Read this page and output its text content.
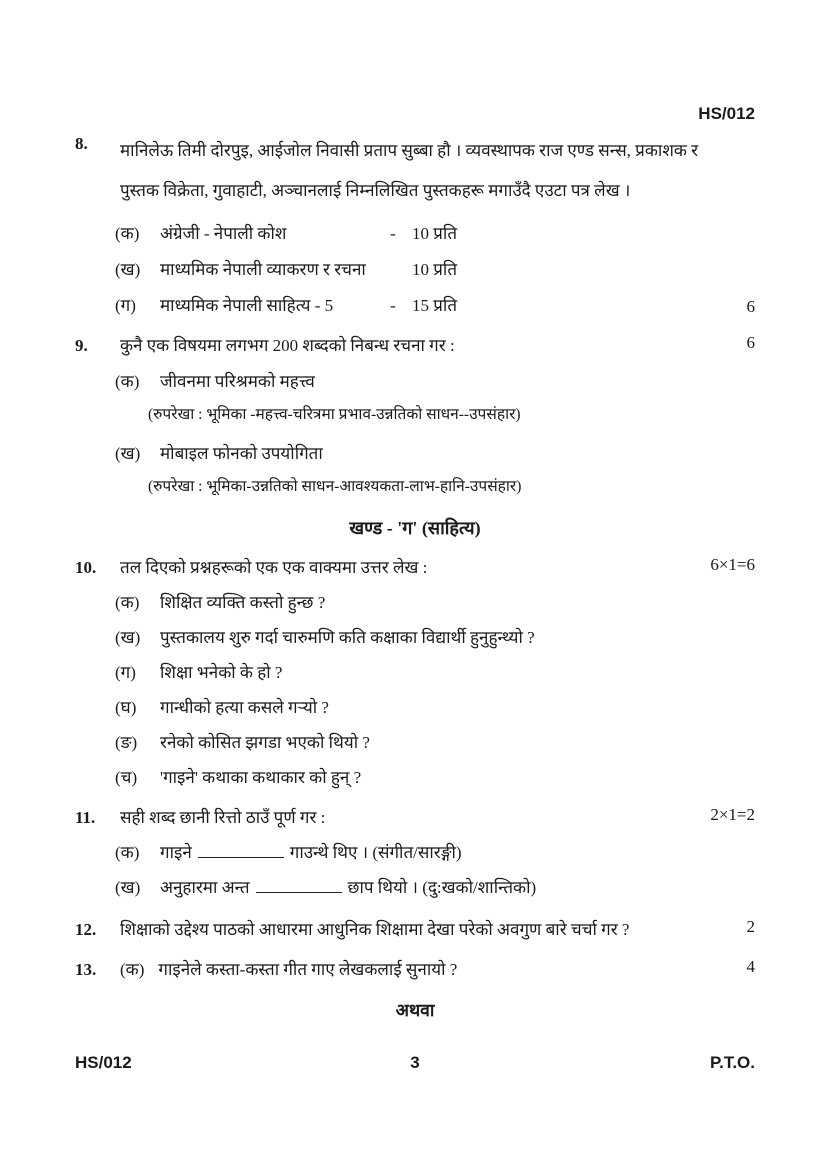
HS/012
8.	मानिलेऊ तिमी दोरपुइ, आईजोल निवासी प्रताप सुब्बा हौ । व्यवस्थापक राज एण्ड सन्स, प्रकाशक र पुस्तक विक्रेता, गुवाहाटी, अञ्चानलाई निम्नलिखित पुस्तकहरू मगाउँदै एउटा पत्र लेख ।
6
(क)	अंग्रेजी - नेपाली कोश	- 10 प्रति
(ख)	माध्यमिक नेपाली व्याकरण र रचना	10 प्रति
(ग)	माध्यमिक नेपाली साहित्य - 5	- 15 प्रति
9.	कुनै एक विषयमा लगभग 200 शब्दको निबन्ध रचना गर :	6
(क)	जीवनमा परिश्रमको महत्त्व
(रुपरेखा : भूमिका -महत्त्व-चरित्रमा प्रभाव-उन्नतिको साधन--उपसंहार)
(ख)	मोबाइल फोनको उपयोगिता
(रुपरेखा : भूमिका-उन्नतिको साधन-आवश्यकता-लाभ-हानि-उपसंहार)
खण्ड - 'ग' (साहित्य)
10.	तल दिएको प्रश्नहरूको एक एक वाक्यमा उत्तर लेख :	6×1=6
(क)	शिक्षित व्यक्ति कस्तो हुन्छ ?
(ख)	पुस्तकालय शुरु गर्दा चारुमणि कति कक्षाका विद्यार्थी हुनुहुन्थ्यो ?
(ग)	शिक्षा भनेको के हो ?
(घ)	गान्धीको हत्या कसले गर्‍यो ?
(ङ)	रनेको कोसित झगडा भएको थियो ?
(च)	'गाइने' कथाका कथाकार को हुन् ?
11.	सही शब्द छानी रित्तो ठाउँ पूर्ण गर :	2×1=2
(क)	गाइने	गाउन्थे थिए । (संगीत/सारङ्गी)
(ख)	अनुहारमा अन्त	छाप थियो । (दु:खको/शान्तिको)
12.	शिक्षाको उद्देश्य पाठको आधारमा आधुनिक शिक्षामा देखा परेको अवगुण बारे चर्चा गर ?	2
13.	(क) गाइनेले कस्ता-कस्ता गीत गाए लेखकलाई सुनायो ?	4
अथवा
HS/012	3	P.T.O.
